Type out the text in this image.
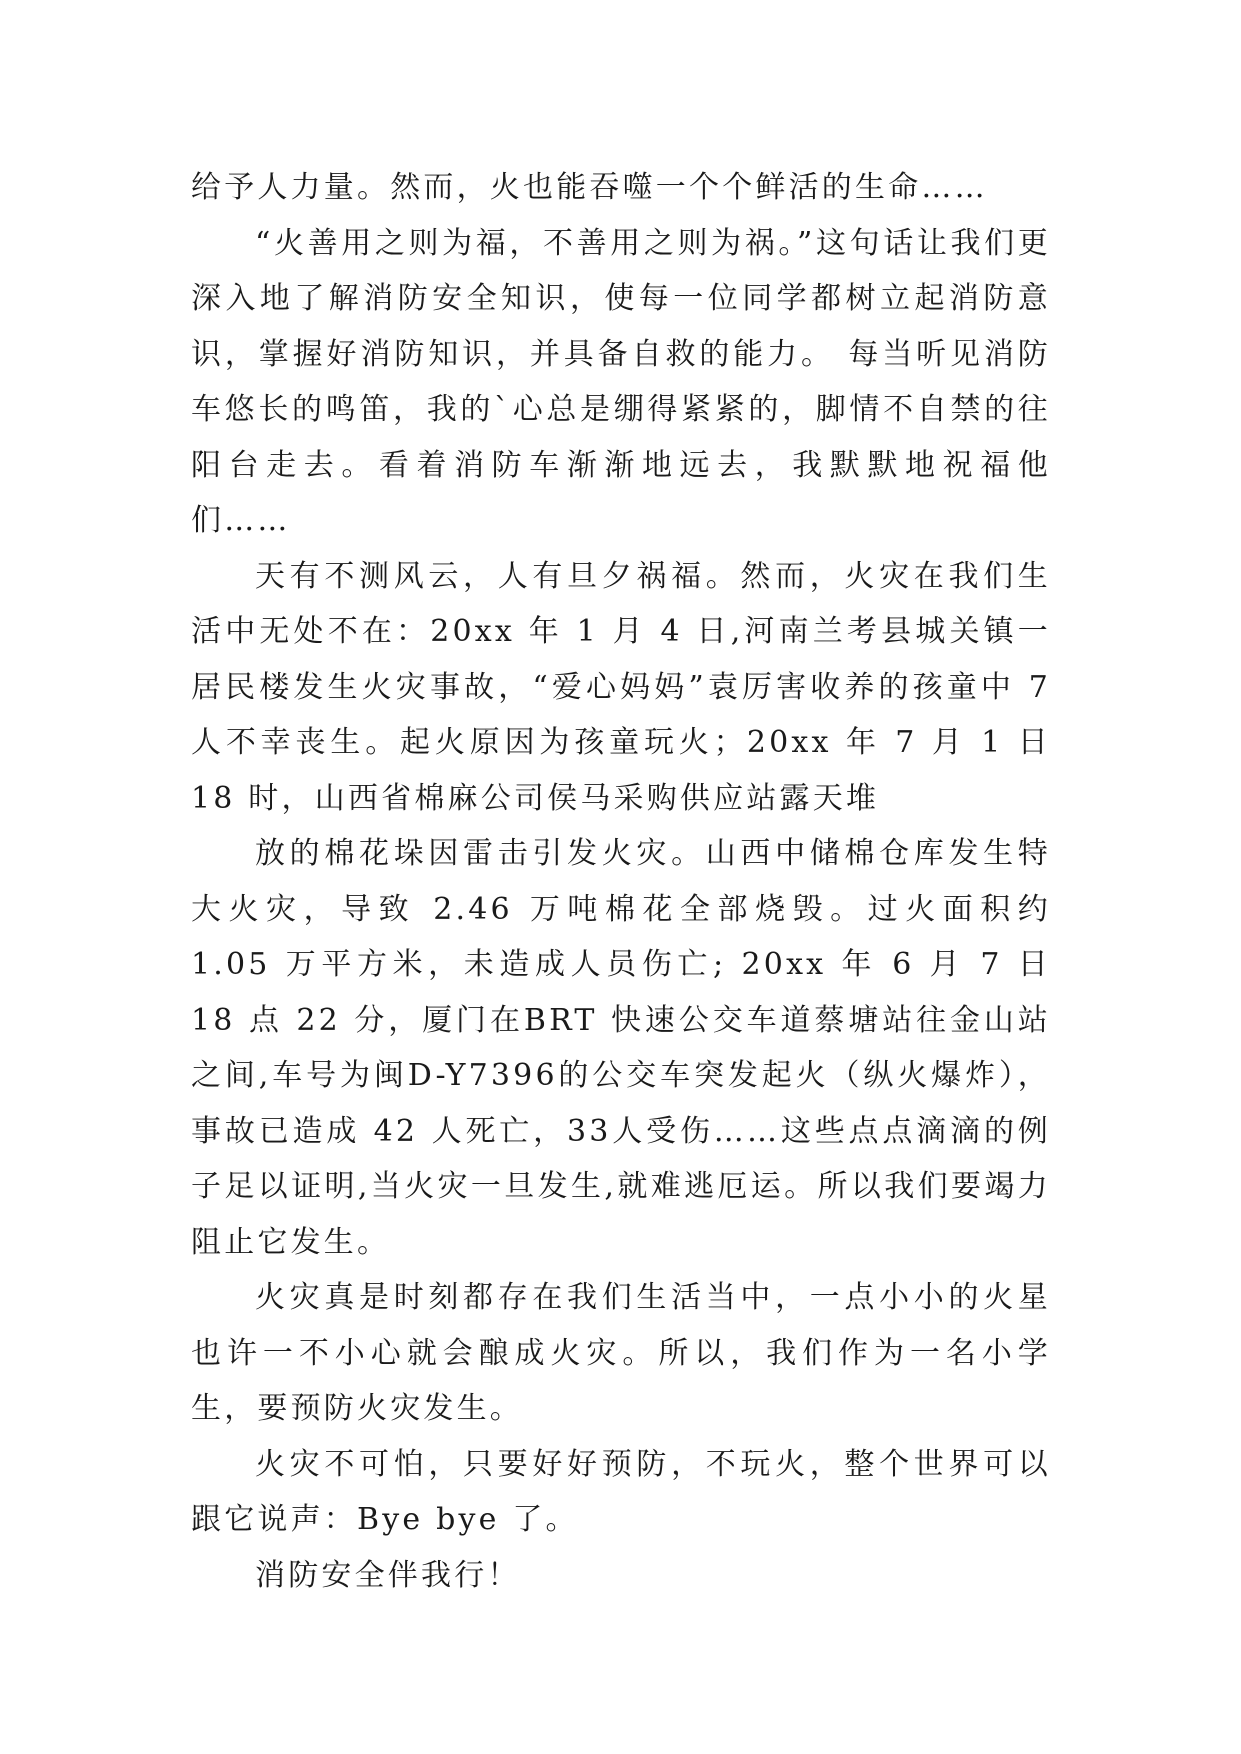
给予人力量。然而，火也能吞噬一个个鲜活的生命……

“火善用之则为福，不善用之则为祸。”这句话让我们更深入地了解消防安全知识，使每一位同学都树立起消防意识，掌握好消防知识，并具备自救的能力。 每当听见消防车悠长的鸣笛，我的`心总是绷得紧紧的，脚情不自禁的往阳台走去。看着消防车渐渐地远去，我默默地祝福他们……

天有不测风云，人有旦夕祸福。然而，火灾在我们生活中无处不在：20xx 年 1 月 4 日,河南兰考县城关镇一居民楼发生火灾事故，“爱心妈妈”袁厉害收养的孩童中 7 人不幸丧生。起火原因为孩童玩火；20xx 年 7 月 1 日 18 时，山西省棉麻公司侯马采购供应站露天堆

放的棉花垛因雷击引发火灾。山西中储棉仓库发生特大火灾，导致 2.46 万吨棉花全部烧毁。过火面积约 1.05 万平方米，未造成人员伤亡; 20xx 年 6 月 7 日 18 点 22 分，厦门在BRT 快速公交车道蔡塘站往金山站之间,车号为闽D-Y7396的公交车突发起火（纵火爆炸），事故已造成 42 人死亡，33人受伤……这些点点滴滴的例子足以证明,当火灾一旦发生,就难逃厄运。所以我们要竭力阻止它发生。

火灾真是时刻都存在我们生活当中，一点小小的火星也许一不小心就会酿成火灾。所以，我们作为一名小学生，要预防火灾发生。

火灾不可怕，只要好好预防，不玩火，整个世界可以跟它说声：Bye bye 了。

消防安全伴我行！
